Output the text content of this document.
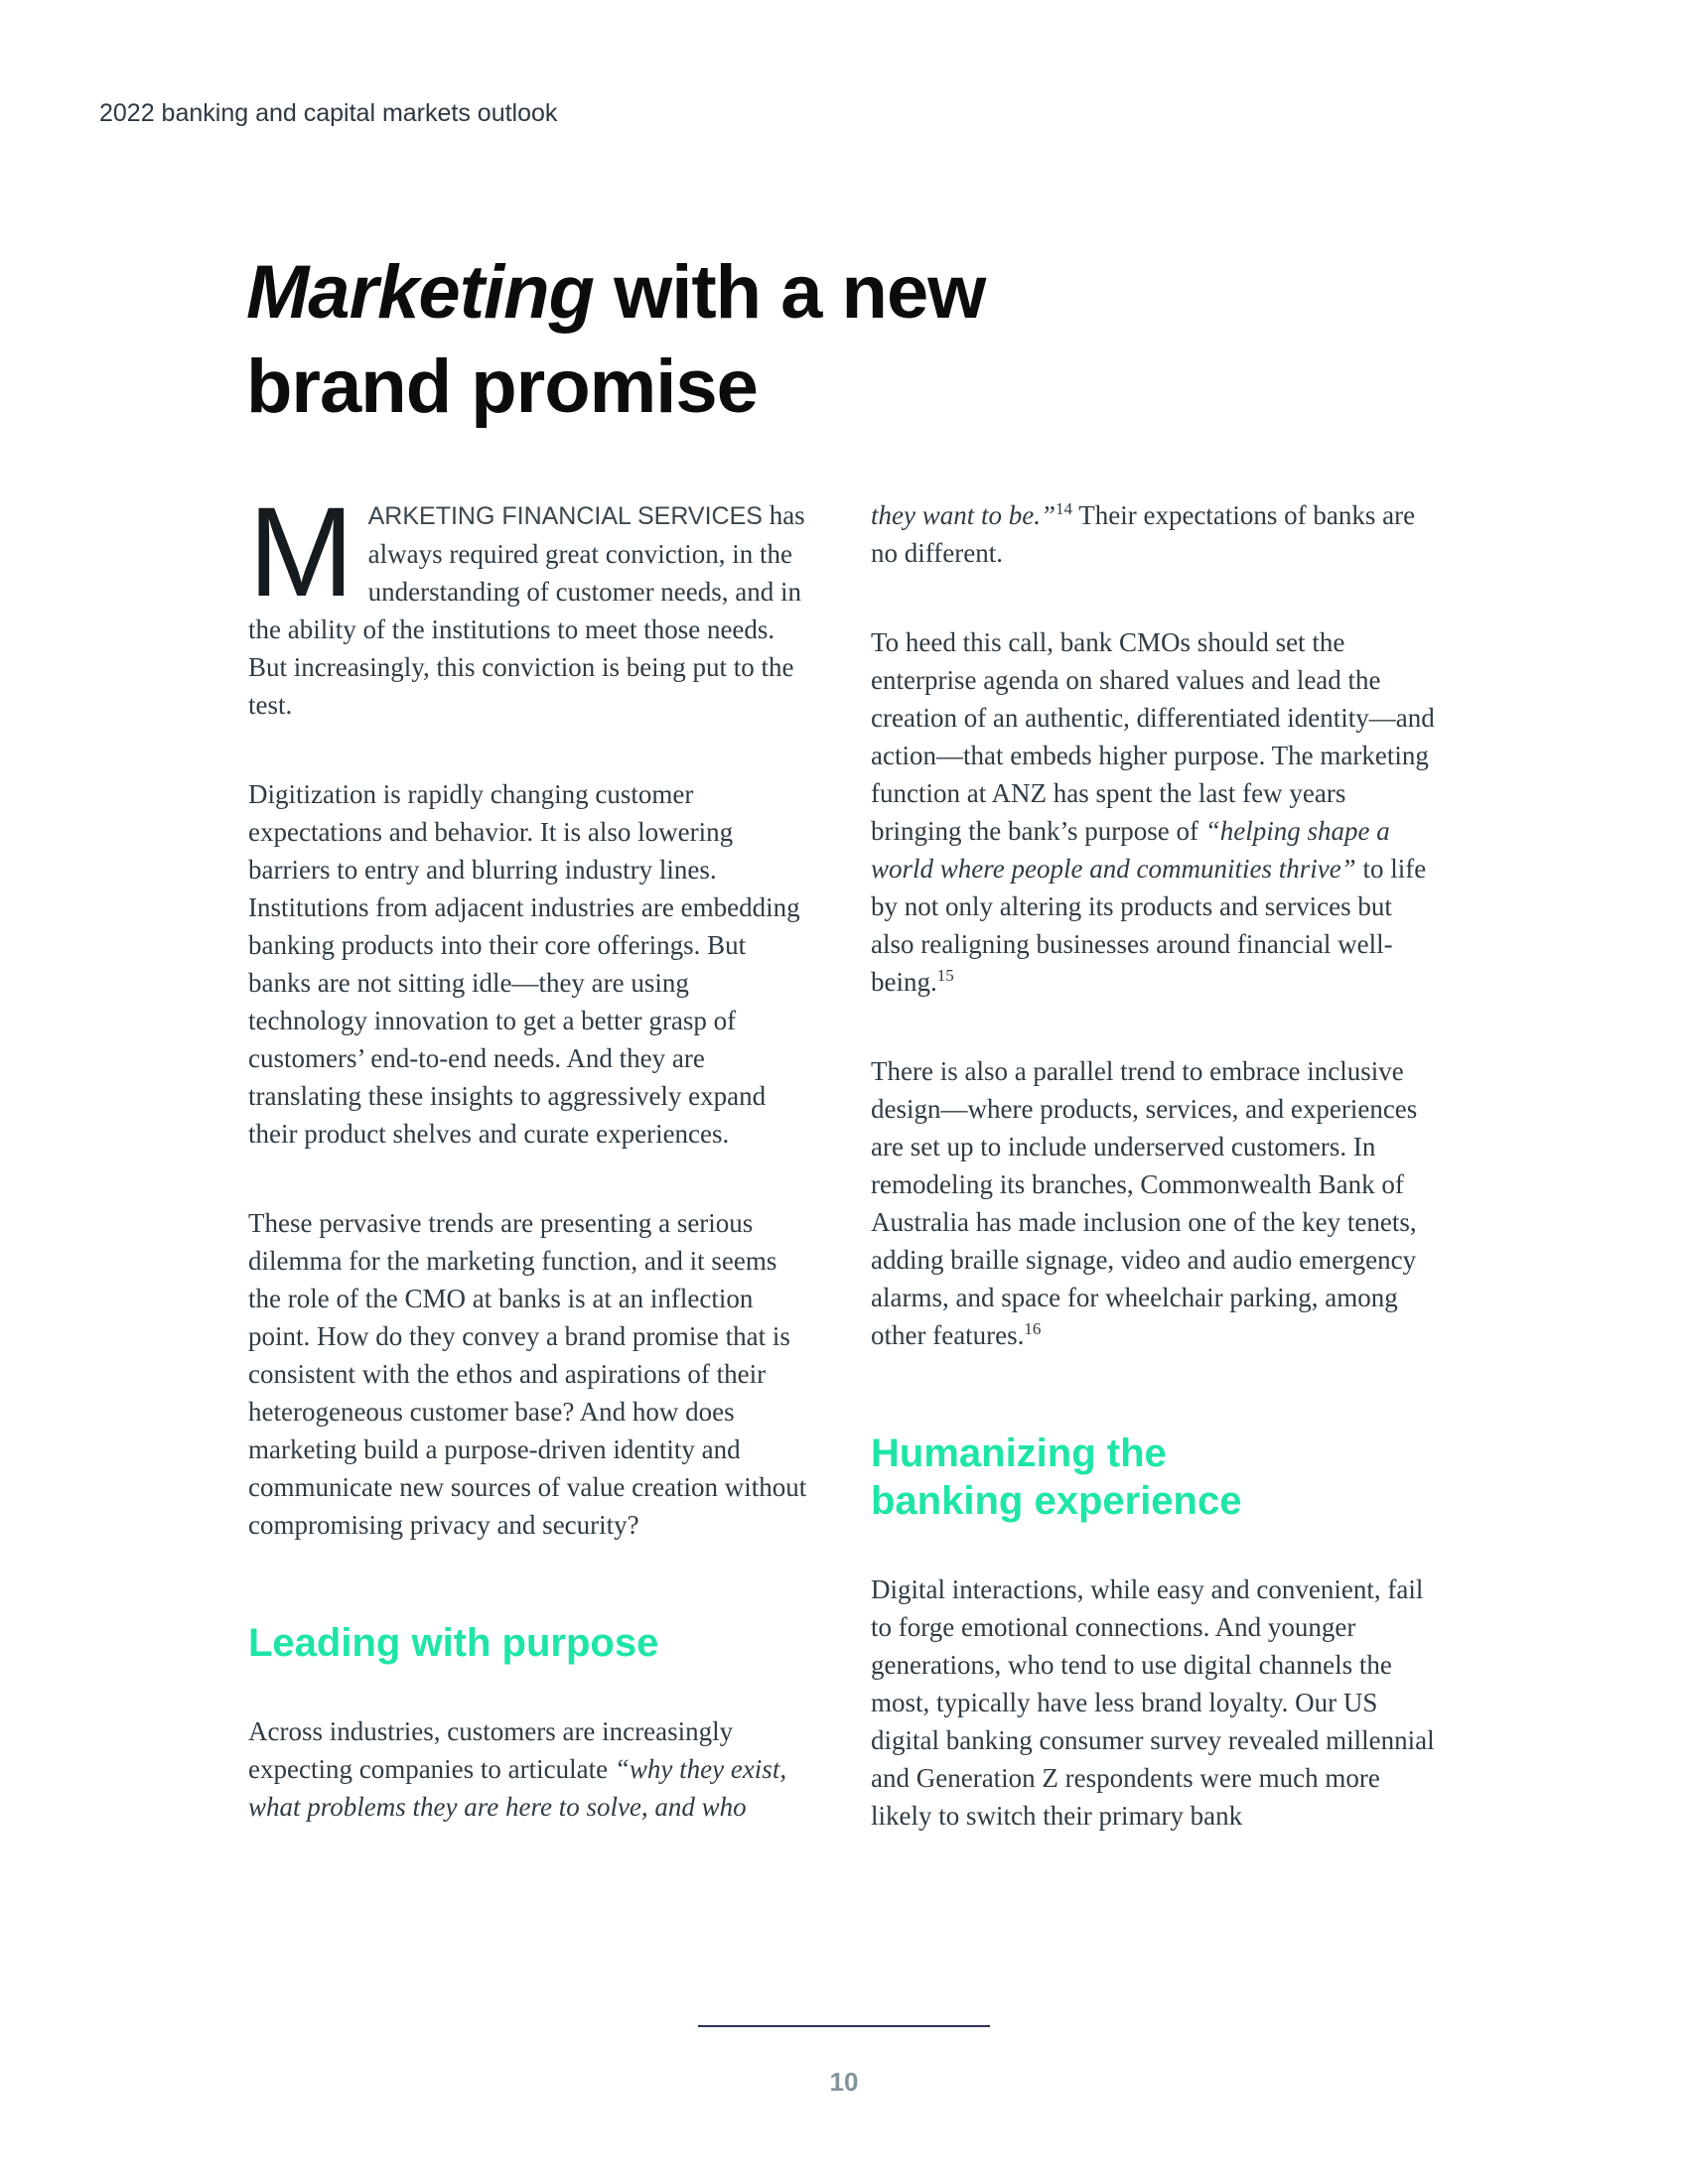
2022 banking and capital markets outlook
Marketing with a new
brand promise

MARKETING FINANCIAL SERVICES has always required great conviction, in the understanding of customer needs, and in the ability of the institutions to meet those needs. But increasingly, this conviction is being put to the test.

Digitization is rapidly changing customer expectations and behavior. It is also lowering barriers to entry and blurring industry lines. Institutions from adjacent industries are embedding banking products into their core offerings. But banks are not sitting idle—they are using technology innovation to get a better grasp of customers’ end-to-end needs. And they are translating these insights to aggressively expand their product shelves and curate experiences.

These pervasive trends are presenting a serious dilemma for the marketing function, and it seems the role of the CMO at banks is at an inflection point. How do they convey a brand promise that is consistent with the ethos and aspirations of their heterogeneous customer base? And how does marketing build a purpose-driven identity and communicate new sources of value creation without compromising privacy and security?

Leading with purpose

Across industries, customers are increasingly expecting companies to articulate “why they exist, what problems they are here to solve, and who

they want to be.”$^{14}$ Their expectations of banks are no different.

To heed this call, bank CMOs should set the enterprise agenda on shared values and lead the creation of an authentic, differentiated identity—and action—that embeds higher purpose. The marketing function at ANZ has spent the last few years bringing the bank’s purpose of “helping shape a world where people and communities thrive” to life by not only altering its products and services but also realigning businesses around financial well-being.$^{15}$

There is also a parallel trend to embrace inclusive design—where products, services, and experiences are set up to include underserved customers. In remodeling its branches, Commonwealth Bank of Australia has made inclusion one of the key tenets, adding braille signage, video and audio emergency alarms, and space for wheelchair parking, among other features.$^{16}$

Humanizing the
banking experience

Digital interactions, while easy and convenient, fail to forge emotional connections. And younger generations, who tend to use digital channels the most, typically have less brand loyalty. Our US digital banking consumer survey revealed millennial and Generation Z respondents were much more likely to switch their primary bank

10
